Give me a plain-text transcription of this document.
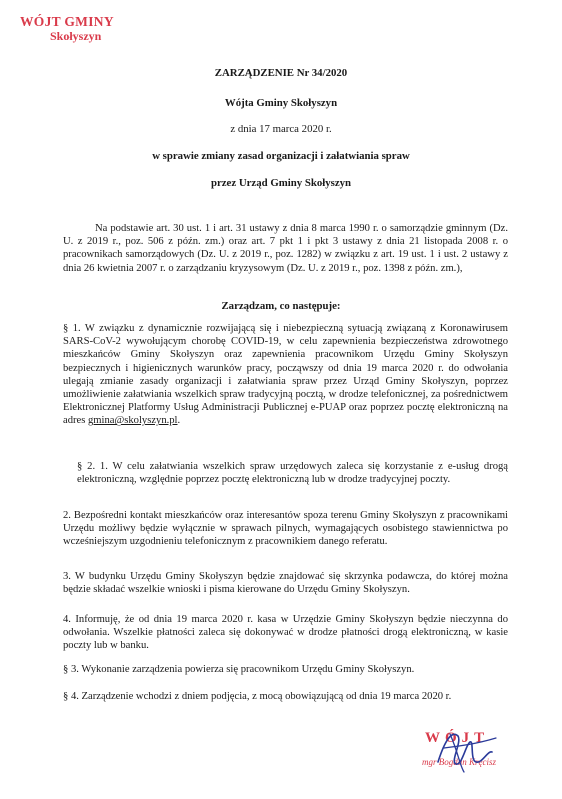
WÓJT GMINY
Skołyszyn
ZARZĄDZENIE Nr 34/2020
Wójta Gminy Skołyszyn
z dnia 17 marca 2020 r.
w sprawie zmiany zasad organizacji i załatwiania spraw
przez Urząd Gminy Skołyszyn
Na podstawie art. 30 ust. 1 i art. 31 ustawy z dnia 8 marca 1990 r. o samorządzie gminnym (Dz. U. z 2019 r., poz. 506 z późn. zm.) oraz art. 7 pkt 1 i pkt 3 ustawy z dnia 21 listopada 2008 r. o pracownikach samorządowych (Dz. U. z 2019 r., poz. 1282) w związku z art. 19 ust. 1 i ust. 2 ustawy z dnia 26 kwietnia 2007 r. o zarządzaniu kryzysowym (Dz. U. z 2019 r., poz. 1398 z późn. zm.),
Zarządzam, co następuje:
§ 1. W związku z dynamicznie rozwijającą się i niebezpieczną sytuacją związaną z Koronawirusem SARS-CoV-2 wywołującym chorobę COVID-19, w celu zapewnienia bezpieczeństwa zdrowotnego mieszkańców Gminy Skołyszyn oraz zapewnienia pracownikom Urzędu Gminy Skołyszyn bezpiecznych i higienicznych warunków pracy, począwszy od dnia 19 marca 2020 r. do odwołania ulegają zmianie zasady organizacji i załatwiania spraw przez Urząd Gminy Skołyszyn, poprzez umożliwienie załatwiania wszelkich spraw tradycyjną pocztą, w drodze telefonicznej, za pośrednictwem Elektronicznej Platformy Usług Administracji Publicznej e-PUAP oraz poprzez pocztę elektroniczną na adres gmina@skolyszyn.pl.
§ 2. 1. W celu załatwiania wszelkich spraw urzędowych zaleca się korzystanie z e-usług drogą elektroniczną, względnie poprzez pocztę elektroniczną lub w drodze tradycyjnej poczty.
2. Bezpośredni kontakt mieszkańców oraz interesantów spoza terenu Gminy Skołyszyn z pracownikami Urzędu możliwy będzie wyłącznie w sprawach pilnych, wymagających osobistego stawiennictwa po wcześniejszym uzgodnieniu telefonicznym z pracownikiem danego referatu.
3. W budynku Urzędu Gminy Skołyszyn będzie znajdować się skrzynka podawcza, do której można będzie składać wszelkie wnioski i pisma kierowane do Urzędu Gminy Skołyszyn.
4. Informuję, że od dnia 19 marca 2020 r. kasa w Urzędzie Gminy Skołyszyn będzie nieczynna do odwołania. Wszelkie płatności zaleca się dokonywać w drodze płatności drogą elektroniczną, w kasie poczty lub w banku.
§ 3. Wykonanie zarządzenia powierza się pracownikom Urzędu Gminy Skołyszyn.
§ 4. Zarządzenie wchodzi z dniem podjęcia, z mocą obowiązującą od dnia 19 marca 2020 r.
WÓJT
mgr Bogdan Kręcisz
